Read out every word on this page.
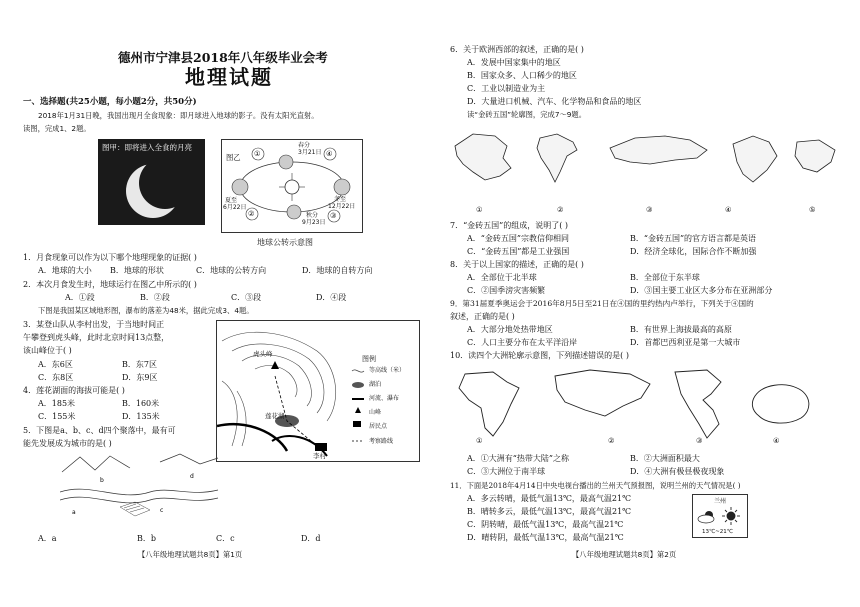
德州市宁津县2018年八年级毕业会考
地理试题
一、选择题(共25小题，每小题2分，共50分)
2018年1月31日晚，我国出现月全食现象：即月球进入地球的影子。没有太阳光直射。
读图，完成1、2题。
图甲：即将进入全食的月亮
图乙 ①	④
②	③
春分
3月21日
夏至
6月22日
冬至
12月22日
秋分
9月23日
地球公转示意图
1．月食现象可以作为以下哪个地理现象的证据( )
A．地球的大小 B．地球的形状	C．地球的公转方向	D．地球的自转方向
2．本次月食发生时，地球运行在图乙中所示的( )
A．①段	B．②段	C．③段	D．④段
下图是我国某区域地形图，瀑布的落差为48米，据此完成3、4题。
3．某登山队从李村出发，于当地时间正
午攀登到虎头峰，此时北京时间13点整，
该山峰位于( )
A．东6区	B．东7区
C．东8区	D．东9区
4．莲花湖面的海拔可能是( )
A．185米	B．160米
C．155米	D．135米
虎头峰
莲花湖
李村
图例
等高线（米）
湖泊
河流、瀑布
山峰
居民点
考察路线
5．下图是a、b、c、d四个聚落中，最有可
能先发展成为城市的是( )
a
b
c
d
A．a	B．b	C．c	D．d
【八年级地理试题共8页】第1页
6．关于欧洲西部的叙述，正确的是( )
A．发展中国家集中的地区
B．国家众多、人口稀少的地区
C．工业以制造业为主
D．大量进口机械、汽车、化学物品和食品的地区
读“金砖五国”轮廓图，完成7～9题。
①	②	③	④	⑤
7．“金砖五国”的组成，说明了( )
A．“金砖五国”宗教信仰相同	B．“金砖五国”的官方语言都是英语
C．“金砖五国”都是工业强国	D．经济全球化，国际合作不断加强
8．关于以上国家的描述，正确的是( )
A．全部位于北半球	B．全部位于东半球
C．②国季滂灾害频繁	D．③国主要工业区大多分布在亚洲部分
9．第31届夏季奥运会于2016年8月5日至21日在④国的里约热内卢举行，下列关于④国的
叙述，正确的是( )
A．大部分地处热带地区	B．有世界上海拔最高的高原
C．人口主要分布在太平洋沿岸	D．首都巴西利亚是第一大城市
10．读四个大洲轮廓示意图，下列描述错误的是( )
①	②	③	④
A．①大洲有“热带大陆”之称	B．②大洲面积最大
C．③大洲位于南半球	D．④大洲有极昼极夜现象
11．下面是2018年4月14日中央电视台播出的兰州天气预报图，说明兰州的天气情况是( )
A．多云转晴，最低气温13℃，最高气温21℃
B．晴转多云，最低气温13℃，最高气温21℃
C．阴转晴，最低气温13℃，最高气温21℃
D．晴转阴，最低气温13℃，最高气温21℃
兰州
13℃~21℃
【八年级地理试题共8页】第2页
